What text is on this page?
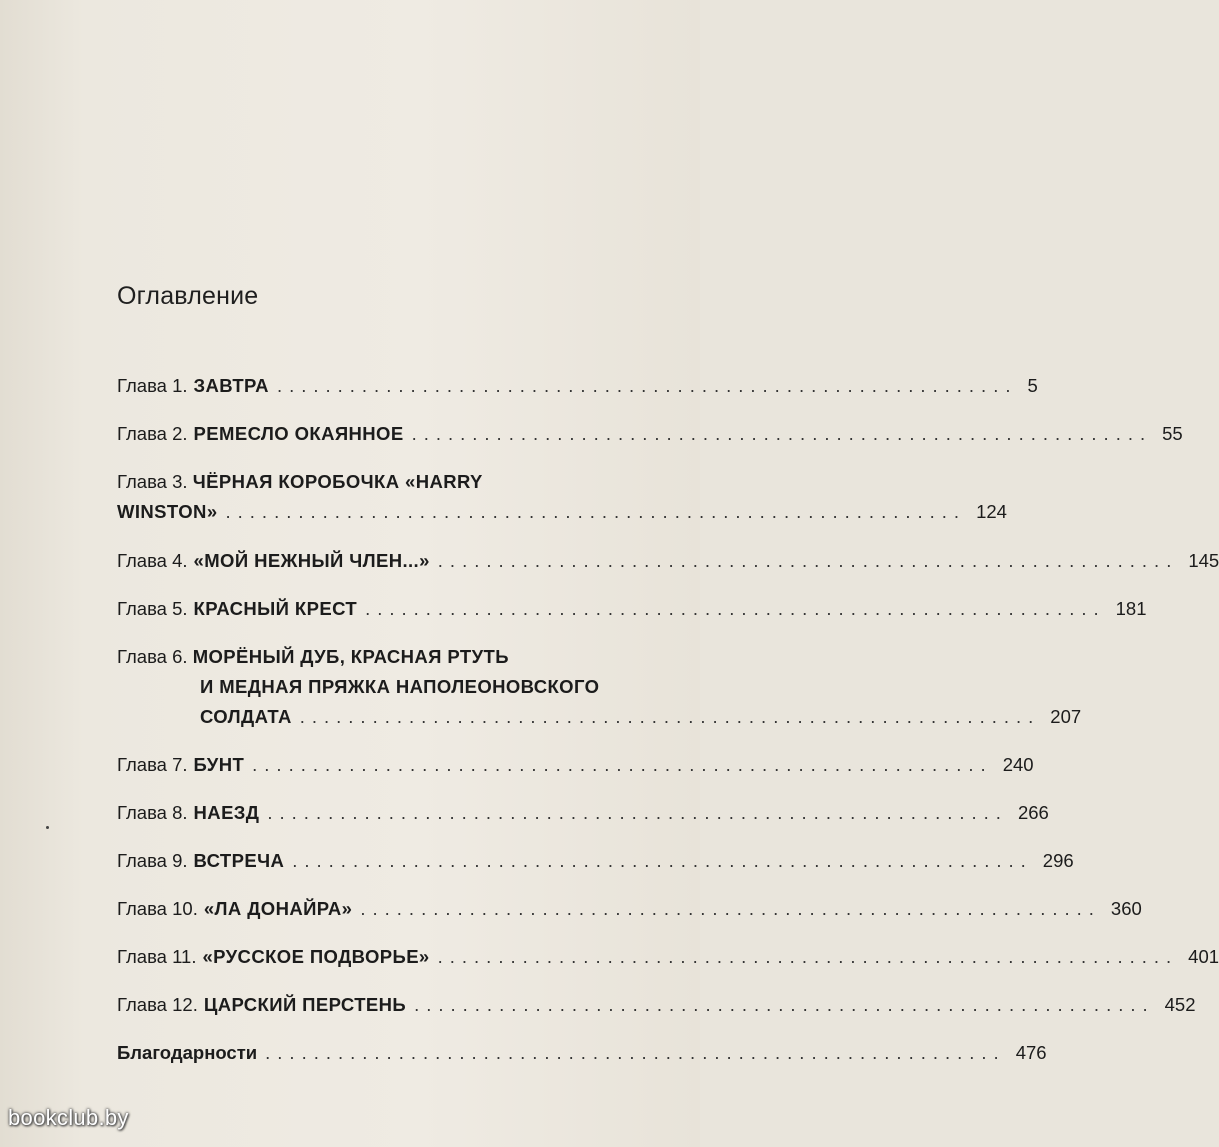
Оглавление
Глава 1. ЗАВТРА ............................................................. 5
Глава 2. РЕМЕСЛО ОКАЯННОЕ ............................................................. 55
Глава 3. ЧЁРНАЯ КОРОБОЧКА «HARRY
WINSTON» ............................................................. 124
Глава 4. «МОЙ НЕЖНЫЙ ЧЛЕН...» ............................................................. 145
Глава 5. КРАСНЫЙ КРЕСТ ............................................................. 181
Глава 6. МОРЁНЫЙ ДУБ, КРАСНАЯ РТУТЬ
И МЕДНАЯ ПРЯЖКА НАПОЛЕОНОВСКОГО
СОЛДАТА ............................................................. 207
Глава 7. БУНТ ............................................................. 240
Глава 8. НАЕЗД ............................................................. 266
Глава 9. ВСТРЕЧА ............................................................. 296
Глава 10. «ЛА ДОНАЙРА» ............................................................. 360
Глава 11. «РУССКОЕ ПОДВОРЬЕ» ............................................................. 401
Глава 12. ЦАРСКИЙ ПЕРСТЕНЬ ............................................................. 452
Благодарности ............................................................. 476
bookclub.by
